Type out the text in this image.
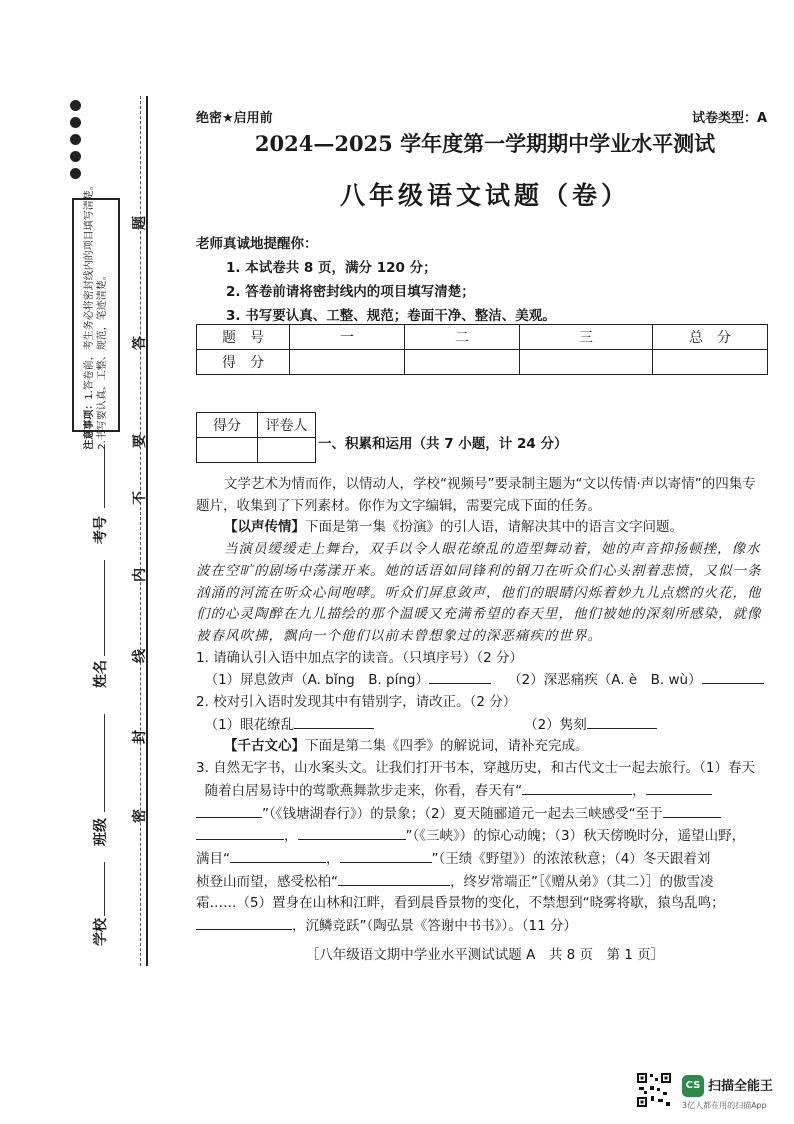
注意事项：1.答卷前，考生务必将密封线内的项目填写清楚。 2.书写要认真、工整、规范，笔迹清楚。
题
答
要
不
内
线
封
密
考号
姓名
班级
学校
绝密★启用前	试卷类型：A
2024—2025 学年度第一学期期中学业水平测试
八年级语文试题（卷）
老师真诚地提醒你：
1. 本试卷共 8 页，满分 120 分；
2. 答卷前请将密封线内的项目填写清楚；
3. 书写要认真、工整、规范；卷面干净、整洁、美观。
题　号	一	二	三	总　分
得　分				
得分	评卷人

一、积累和运用（共 7 小题，计 24 分）

文学艺术为情而作，以情动人，学校“视频号”要录制主题为“文以传情·声以寄情”的四集专题片，收集到了下列素材。你作为文字编辑，需要完成下面的任务。

【以声传情】下面是第一集《扮演》的引人语，请解决其中的语言文字问题。

当演员缓缓走上舞台，双手以令人眼花缭乱的造型舞动着，她的声音抑扬顿挫，像水波在空旷的剧场中荡漾开来。她的话语如同锋利的钢刀在听众们心头割着悲愤，又似一条汹涌的河流在听众心间咆哮。听众们屏息敛声，他们的眼睛闪烁着妙九儿点燃的火花，他们的心灵陶醉在九儿描绘的那个温暖又充满希望的春天里，他们被她的深刻所感染，就像被春风吹拂，飘向一个他们以前未曾想象过的深恶痛疾的世界。

1. 请确认引入语中加点字的读音。（只填序号）（2 分）

（1）屏息敛声（A. bǐng　B. píng）	（2）深恶痛疾（A. è　B. wù）

2. 校对引入语时发现其中有错别字，请改正。（2 分）

（1）眼花缭乱	（2）隽刻

【千古文心】下面是第二集《四季》的解说词，请补充完成。

3. 自然无字书，山水案头文。让我们打开书本，穿越历史，和古代文士一起去旅行。（1）春天

随着白居易诗中的莺歌燕舞款步走来，你看，春天有“	，

”（《钱塘湖春行》）的景象；（2）夏天随郦道元一起去三峡感受“至于

，	”（《三峡》）的惊心动魄；（3）秋天傍晚时分，遥望山野，

满目“	，	”（王绩《野望》）的浓浓秋意；（4）冬天跟着刘

桢登山而望，感受松柏“	，终岁常端正”［《赠从弟》（其二）］的傲雪凌

霜……（5）置身在山林和江畔，看到晨昏景物的变化，不禁想到“晓雾将歇，猿鸟乱鸣；

，沉鳞竞跃”（陶弘景《答谢中书书》）。（11 分）

［八年级语文期中学业水平测试试题 A　共 8 页　第 1 页］
CS 扫描全能王
3亿人都在用的扫描App
